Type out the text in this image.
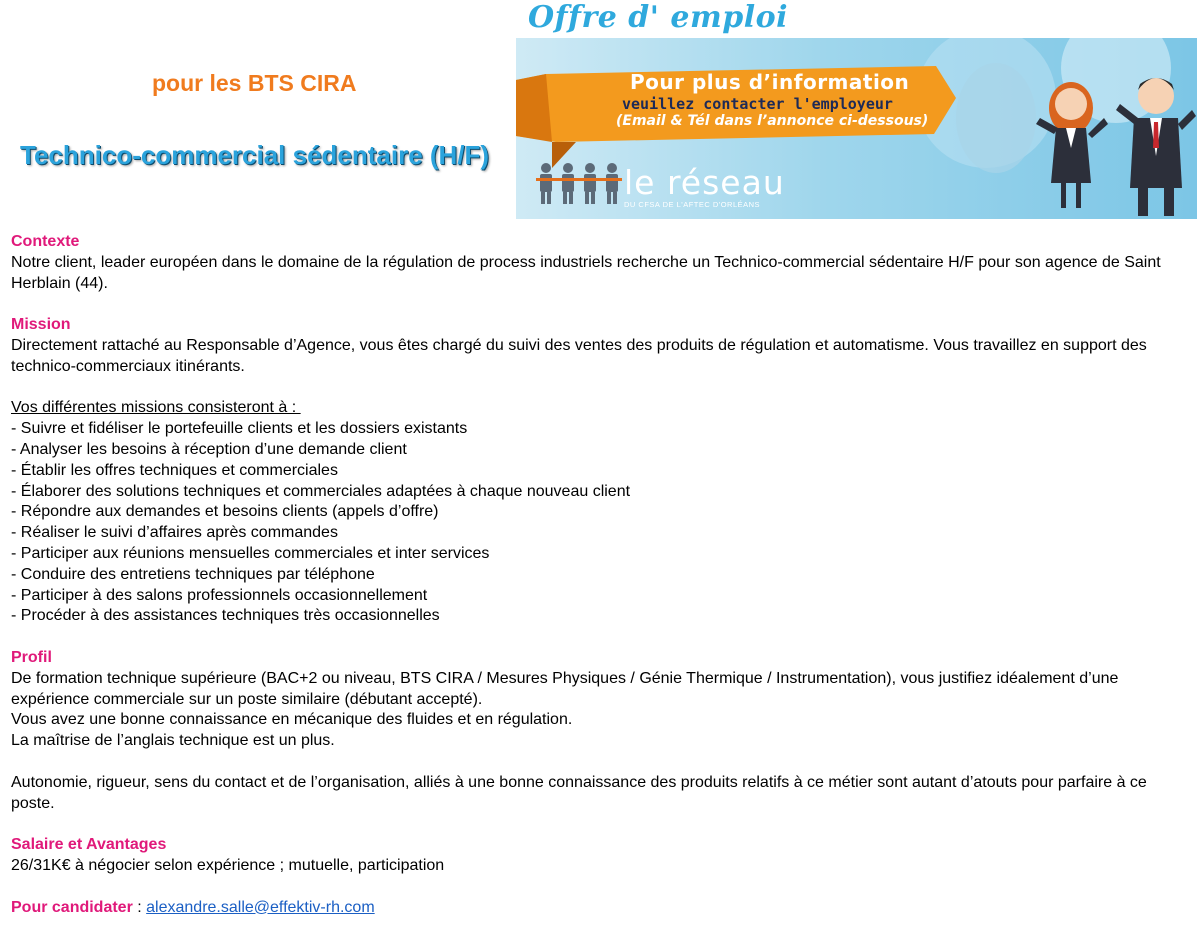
pour les BTS CIRA
Technico-commercial sédentaire (H/F)
Offre d' emploi
Pour plus d’information
veuillez contacter l'employeur
(Email & Tél dans l’annonce ci-dessous)
le réseau
DU CFSA DE L'AFTEC D'ORLÉANS
Contexte
Notre client, leader européen dans le domaine de la régulation de process industriels recherche un Technico-commercial sédentaire H/F pour son agence de Saint Herblain (44).
Mission
Directement rattaché au Responsable d’Agence, vous êtes chargé du suivi des ventes des produits de régulation et automatisme. Vous travaillez en support des technico-commerciaux itinérants.
Vos différentes missions consisteront à :
- Suivre et fidéliser le portefeuille clients et les dossiers existants
- Analyser les besoins à réception d’une demande client
- Établir les offres techniques et commerciales
- Élaborer des solutions techniques et commerciales adaptées à chaque nouveau client
- Répondre aux demandes et besoins clients (appels d’offre)
- Réaliser le suivi d’affaires après commandes
- Participer aux réunions mensuelles commerciales et inter services
- Conduire des entretiens techniques par téléphone
- Participer à des salons professionnels occasionnellement
- Procéder à des assistances techniques très occasionnelles
Profil
De formation technique supérieure (BAC+2 ou niveau, BTS CIRA / Mesures Physiques / Génie Thermique / Instrumentation), vous justifiez idéalement d’une expérience commerciale sur un poste similaire (débutant accepté).
Vous avez une bonne connaissance en mécanique des fluides et en régulation.
La maîtrise de l’anglais technique est un plus.
Autonomie, rigueur, sens du contact et de l’organisation, alliés à une bonne connaissance des produits relatifs à ce métier sont autant d’atouts pour parfaire à ce poste.
Salaire et Avantages
26/31K€ à négocier selon expérience ; mutuelle, participation
Pour candidater : alexandre.salle@effektiv-rh.com
